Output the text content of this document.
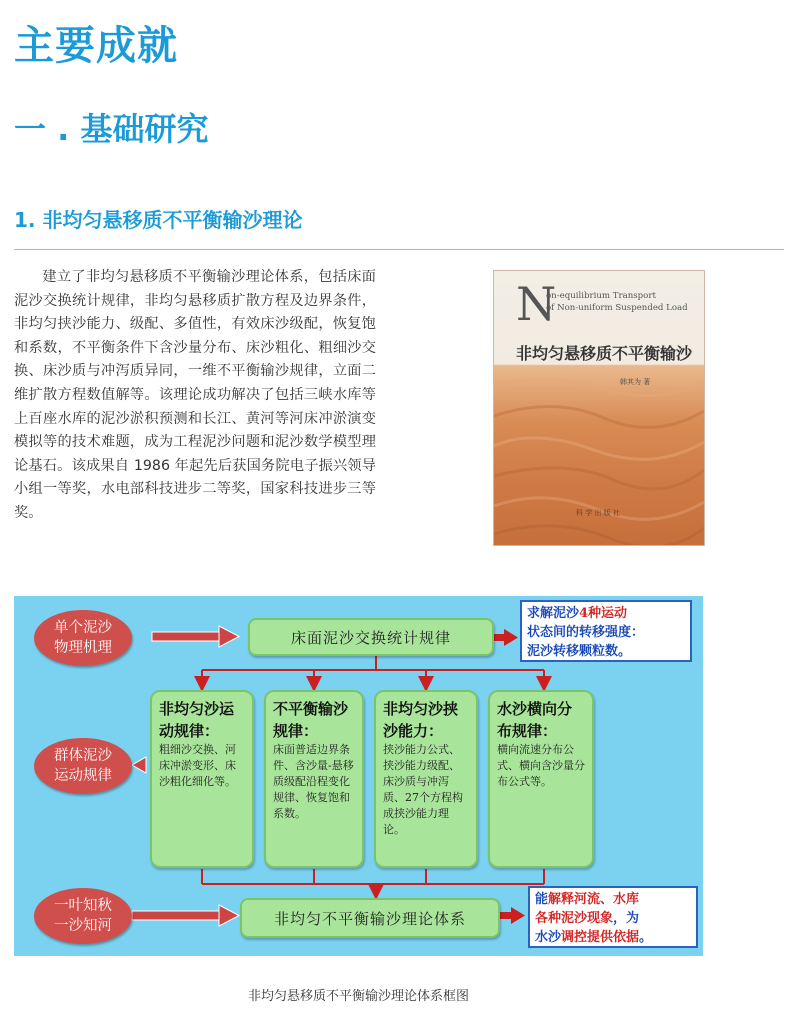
主要成就
一 . 基础研究
1. 非均匀悬移质不平衡输沙理论
建立了非均匀悬移质不平衡输沙理论体系，包括床面泥沙交换统计规律，非均匀悬移质扩散方程及边界条件，非均匀挟沙能力、级配、多值性，有效床沙级配，恢复饱和系数，不平衡条件下含沙量分布、床沙粗化、粗细沙交换、床沙质与冲泻质异同，一维不平衡输沙规律，立面二维扩散方程数值解等。该理论成功解决了包括三峡水库等上百座水库的泥沙淤积预测和长江、黄河等河床冲淤演变模拟等的技术难题，成为工程泥沙问题和泥沙数学模型理论基石。该成果自 1986 年起先后获国务院电子振兴领导小组一等奖，水电部科技进步二等奖，国家科技进步三等奖。
N
on-equilibrium Transport
of Non-uniform Suspended Load
非均匀悬移质不平衡输沙
韩其为 著
科 学 出 版 社
单个泥沙
物理机理
群体泥沙
运动规律
一叶知秋
一沙知河
床面泥沙交换统计规律
求解泥沙4种运动
状态间的转移强度：
泥沙转移颗粒数。
非均匀沙运动规律：
粗细沙交换、河床冲淤变形、床沙粗化细化等。
不平衡输沙规律：
床面普适边界条件、含沙量-悬移质级配沿程变化规律、恢复饱和系数。
非均匀沙挟沙能力：
挟沙能力公式、挟沙能力级配、床沙质与冲泻质、27个方程构成挟沙能力理论。
水沙横向分布规律：
横向流速分布公式、横向含沙量分布公式等。
非均匀不平衡输沙理论体系
能解释河流、水库
各种泥沙现象，为
水沙调控提供依据。
非均匀悬移质不平衡输沙理论体系框图
